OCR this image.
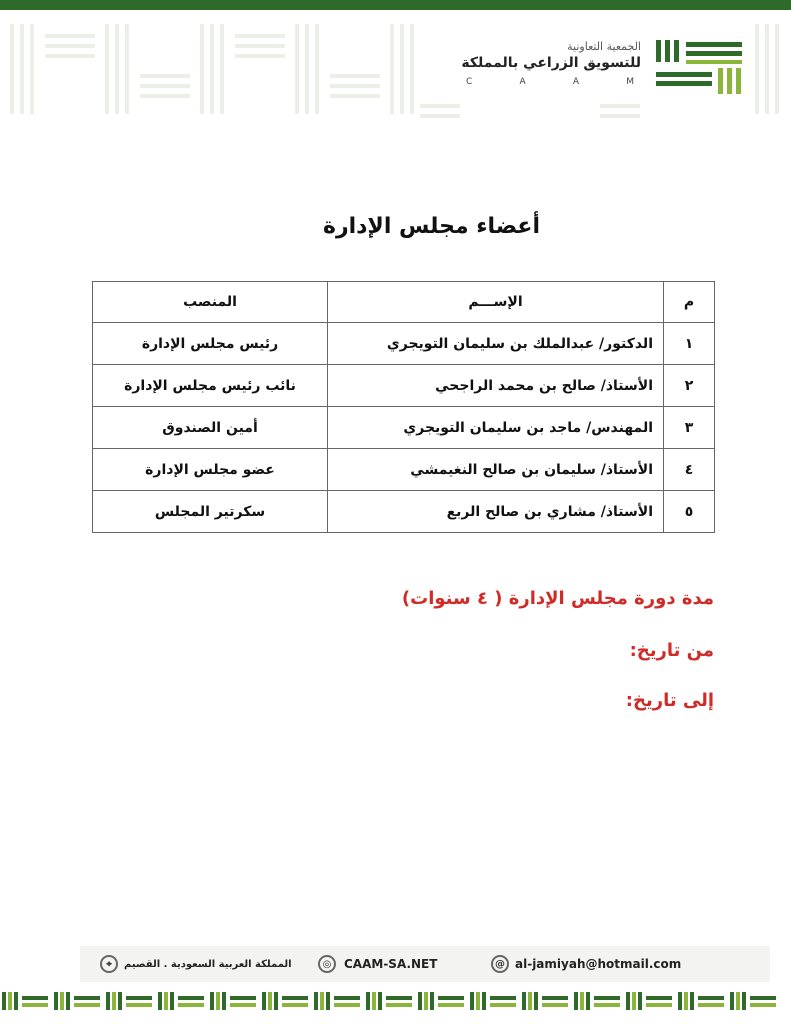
الجمعية التعاونية
للتسويق الزراعي بالمملكة
C	A	A	M
أعضاء مجلس الإدارة
م	الإســـم	المنصب
١	الدكتور/ عبدالملك بن سليمان التويجري	رئيس مجلس الإدارة
٢	الأستاذ/ صالح بن محمد الراجحي	نائب رئيس مجلس الإدارة
٣	المهندس/ ماجد بن سليمان التويجري	أمين الصندوق
٤	الأستاذ/ سليمان بن صالح النغيمشي	عضو مجلس الإدارة
٥	الأستاذ/ مشاري بن صالح الربع	سكرتير المجلس
مدة دورة مجلس الإدارة ( ٤ سنوات)
من تاريخ:
إلى تاريخ:
@ al-jamiyah@hotmail.com
◎	CAAM-SA.NET
المملكة العربية السعودية . القصيم
⌖
